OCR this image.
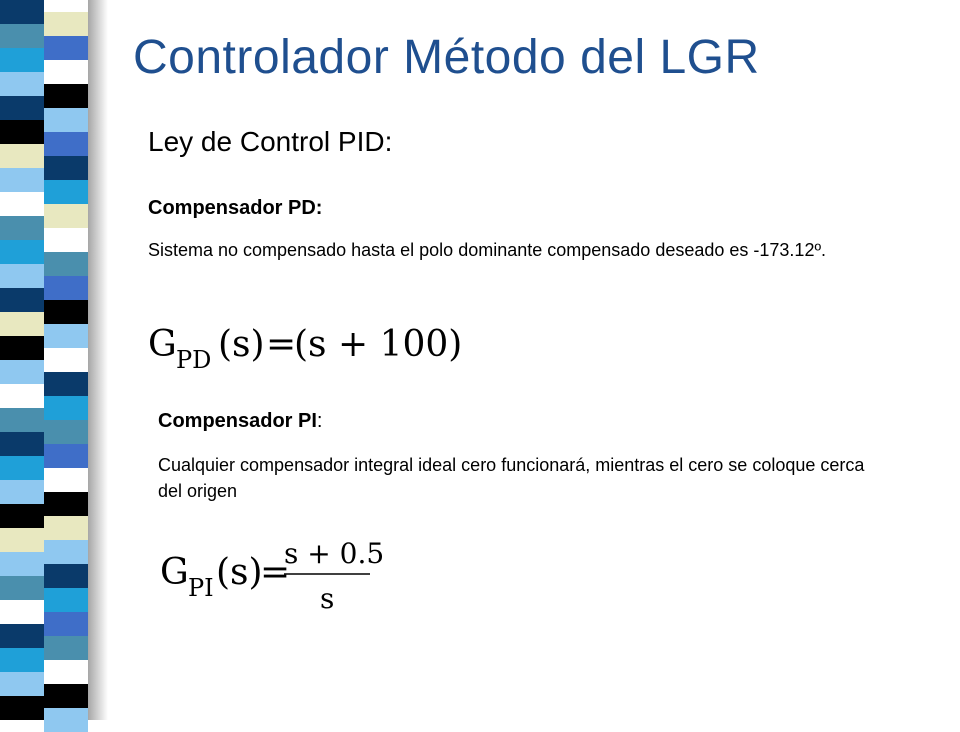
Controlador Método del LGR
Ley de Control PID:
Compensador PD:
Sistema no compensado hasta el polo dominante compensado deseado es -173.12º.
G PD (s) =
(s + 100)
Compensador PI:
Cualquier compensador integral ideal cero funcionará, mientras el cero se coloque cerca del origen
G PI (s)
=
s + 0.5
s
